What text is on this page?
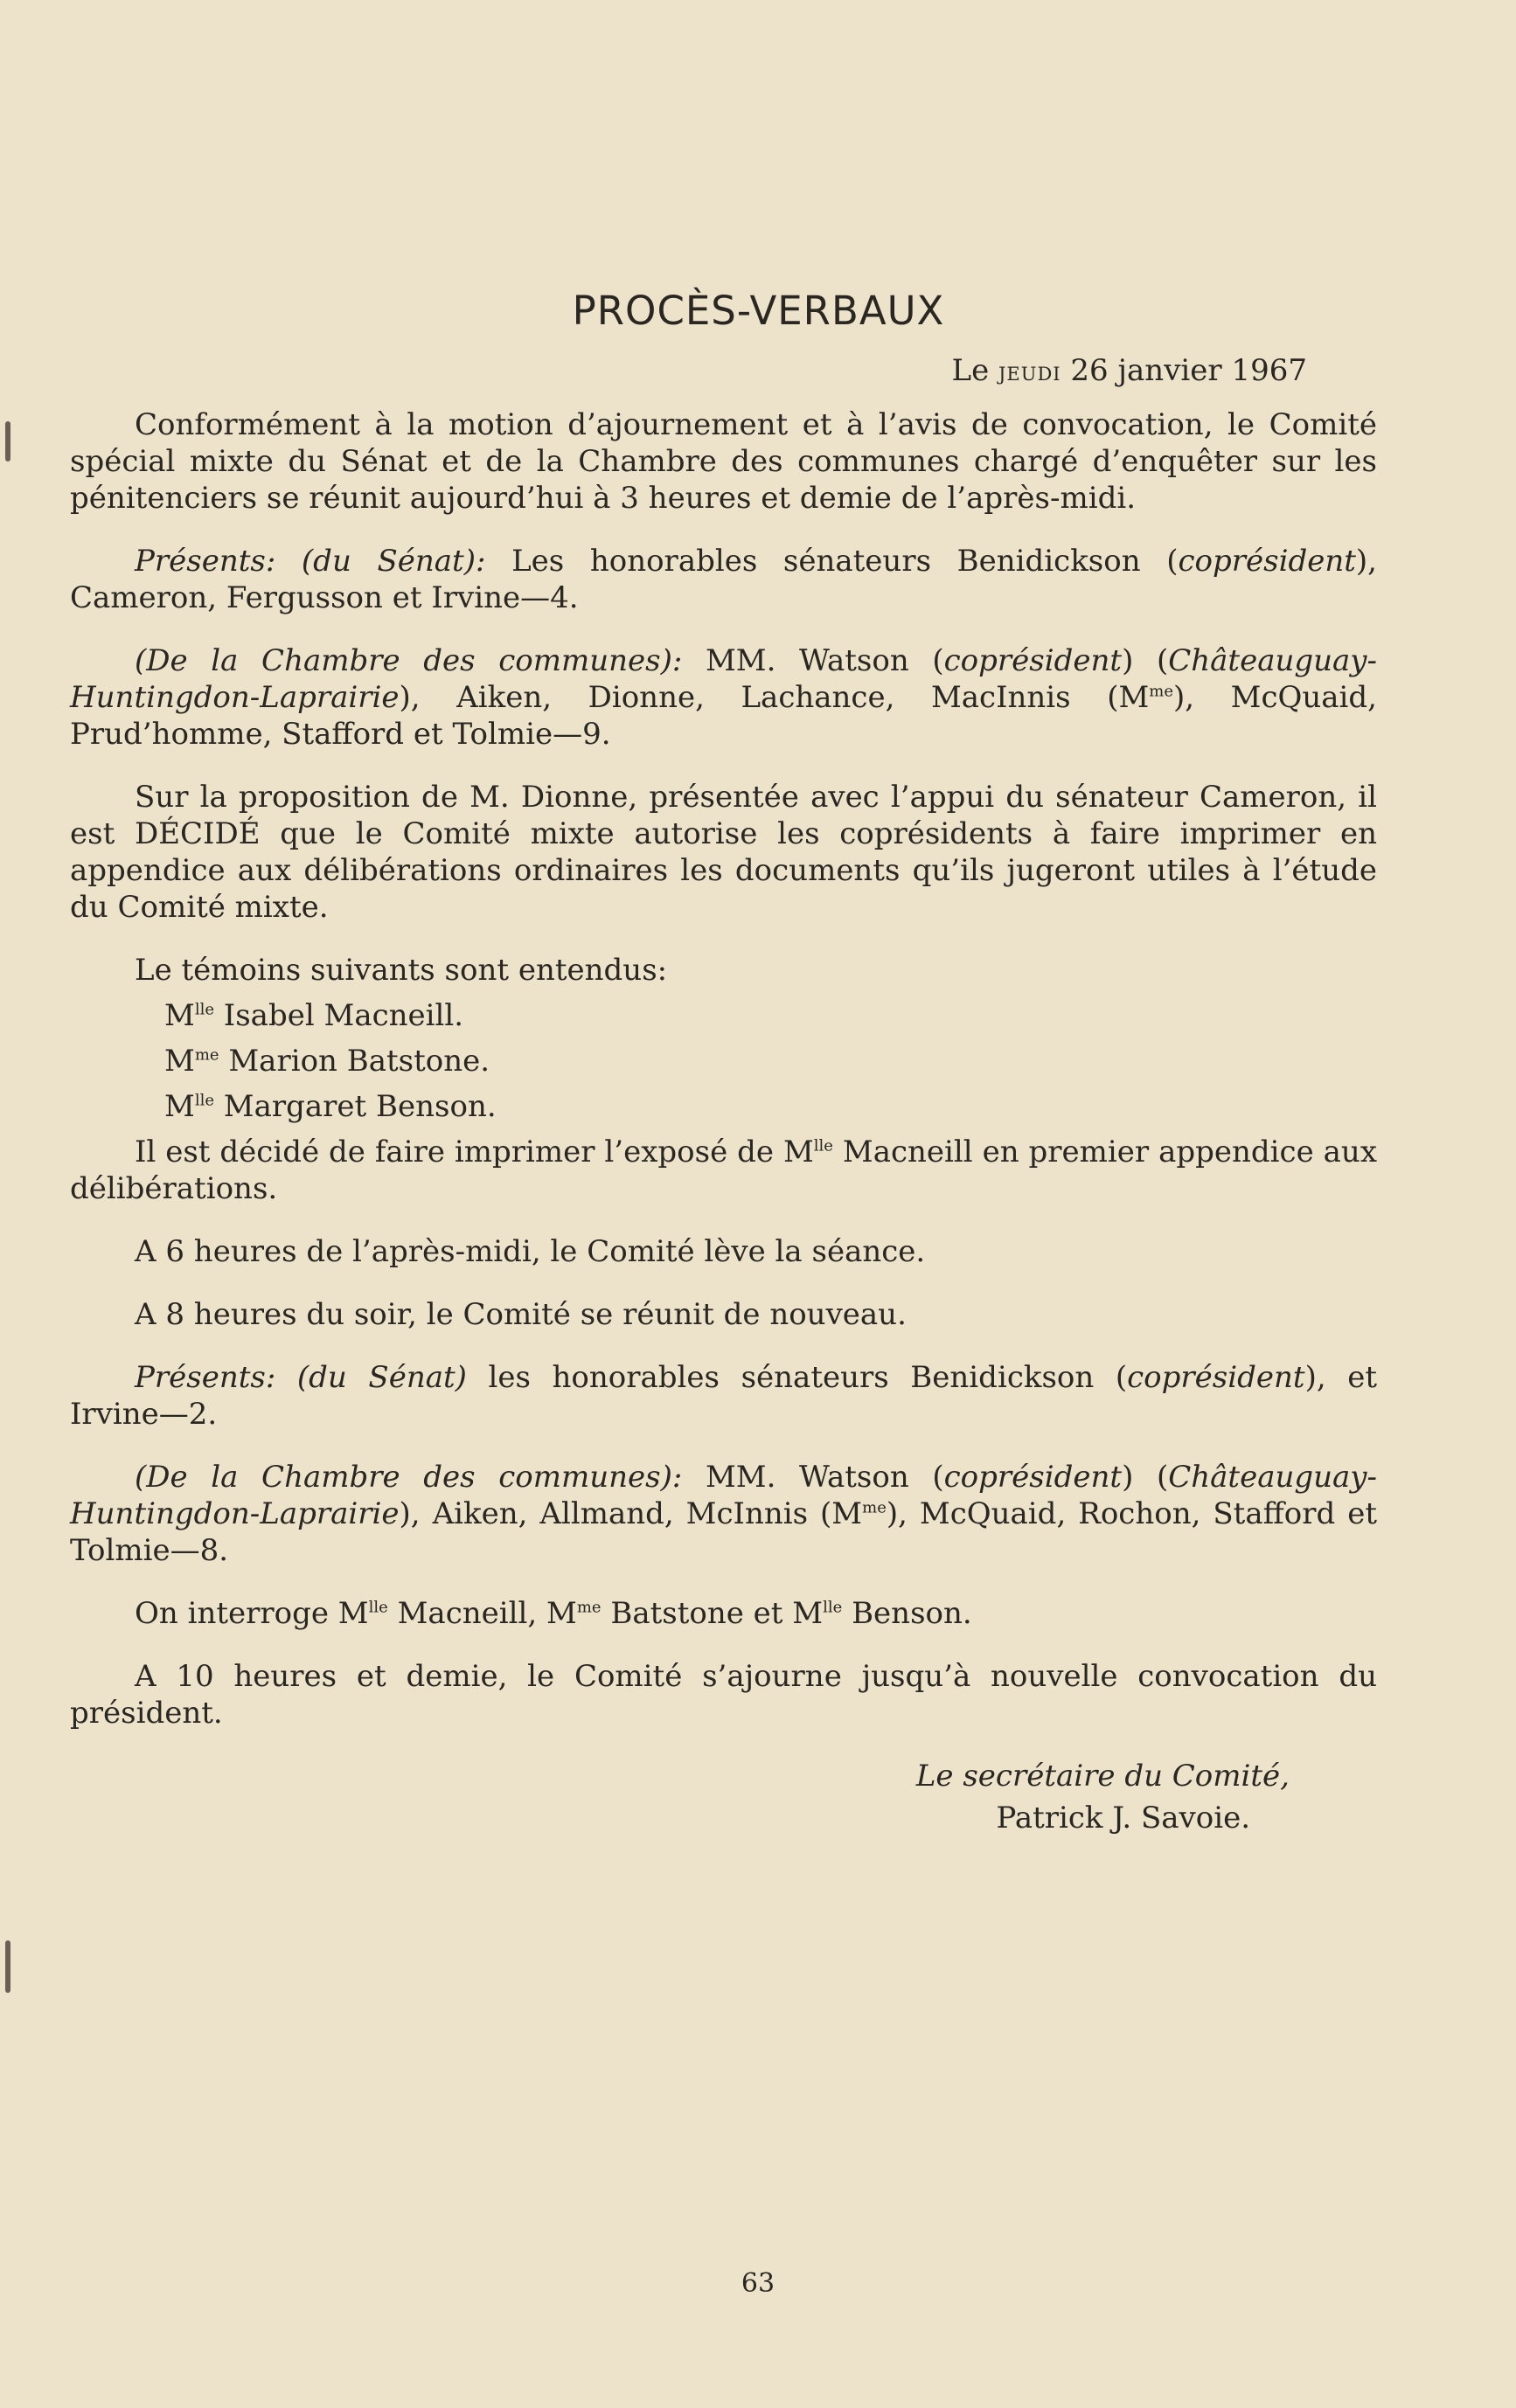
PROCÈS-VERBAUX
Le jeudi 26 janvier 1967

Conformément à la motion d’ajournement et à l’avis de convocation, le Comité spécial mixte du Sénat et de la Chambre des communes chargé d’enquêter sur les pénitenciers se réunit aujourd’hui à 3 heures et demie de l’après-midi.

Présents: (du Sénat): Les honorables sénateurs Benidickson (coprésident), Cameron, Fergusson et Irvine—4.

(De la Chambre des communes): MM. Watson (coprésident) (Châteauguay-Huntingdon-Laprairie), Aiken, Dionne, Lachance, MacInnis $(M^{me})$, McQuaid, Prud’homme, Stafford et Tolmie—9.

Sur la proposition de M. Dionne, présentée avec l’appui du sénateur Cameron, il est DÉCIDÉ que le Comité mixte autorise les coprésidents à faire imprimer en appendice aux délibérations ordinaires les documents qu’ils jugeront utiles à l’étude du Comité mixte.

Le témoins suivants sont entendus:

$M^{lle}$ Isabel Macneill.

$M^{me}$ Marion Batstone.

$M^{lle}$ Margaret Benson.

Il est décidé de faire imprimer l’exposé de $M^{lle}$ Macneill en premier appendice aux délibérations.

A 6 heures de l’après-midi, le Comité lève la séance.

A 8 heures du soir, le Comité se réunit de nouveau.

Présents: (du Sénat) les honorables sénateurs Benidickson (coprésident), et Irvine—2.

(De la Chambre des communes): MM. Watson (coprésident) (Châteauguay-Huntingdon-Laprairie), Aiken, Allmand, McInnis $(M^{me})$, McQuaid, Rochon, Stafford et Tolmie—8.

On interroge $M^{lle}$ Macneill, $M^{me}$ Batstone et $M^{lle}$ Benson.

A 10 heures et demie, le Comité s’ajourne jusqu’à nouvelle convocation du président.

Le secrétaire du Comité,

Patrick J. Savoie.

63
